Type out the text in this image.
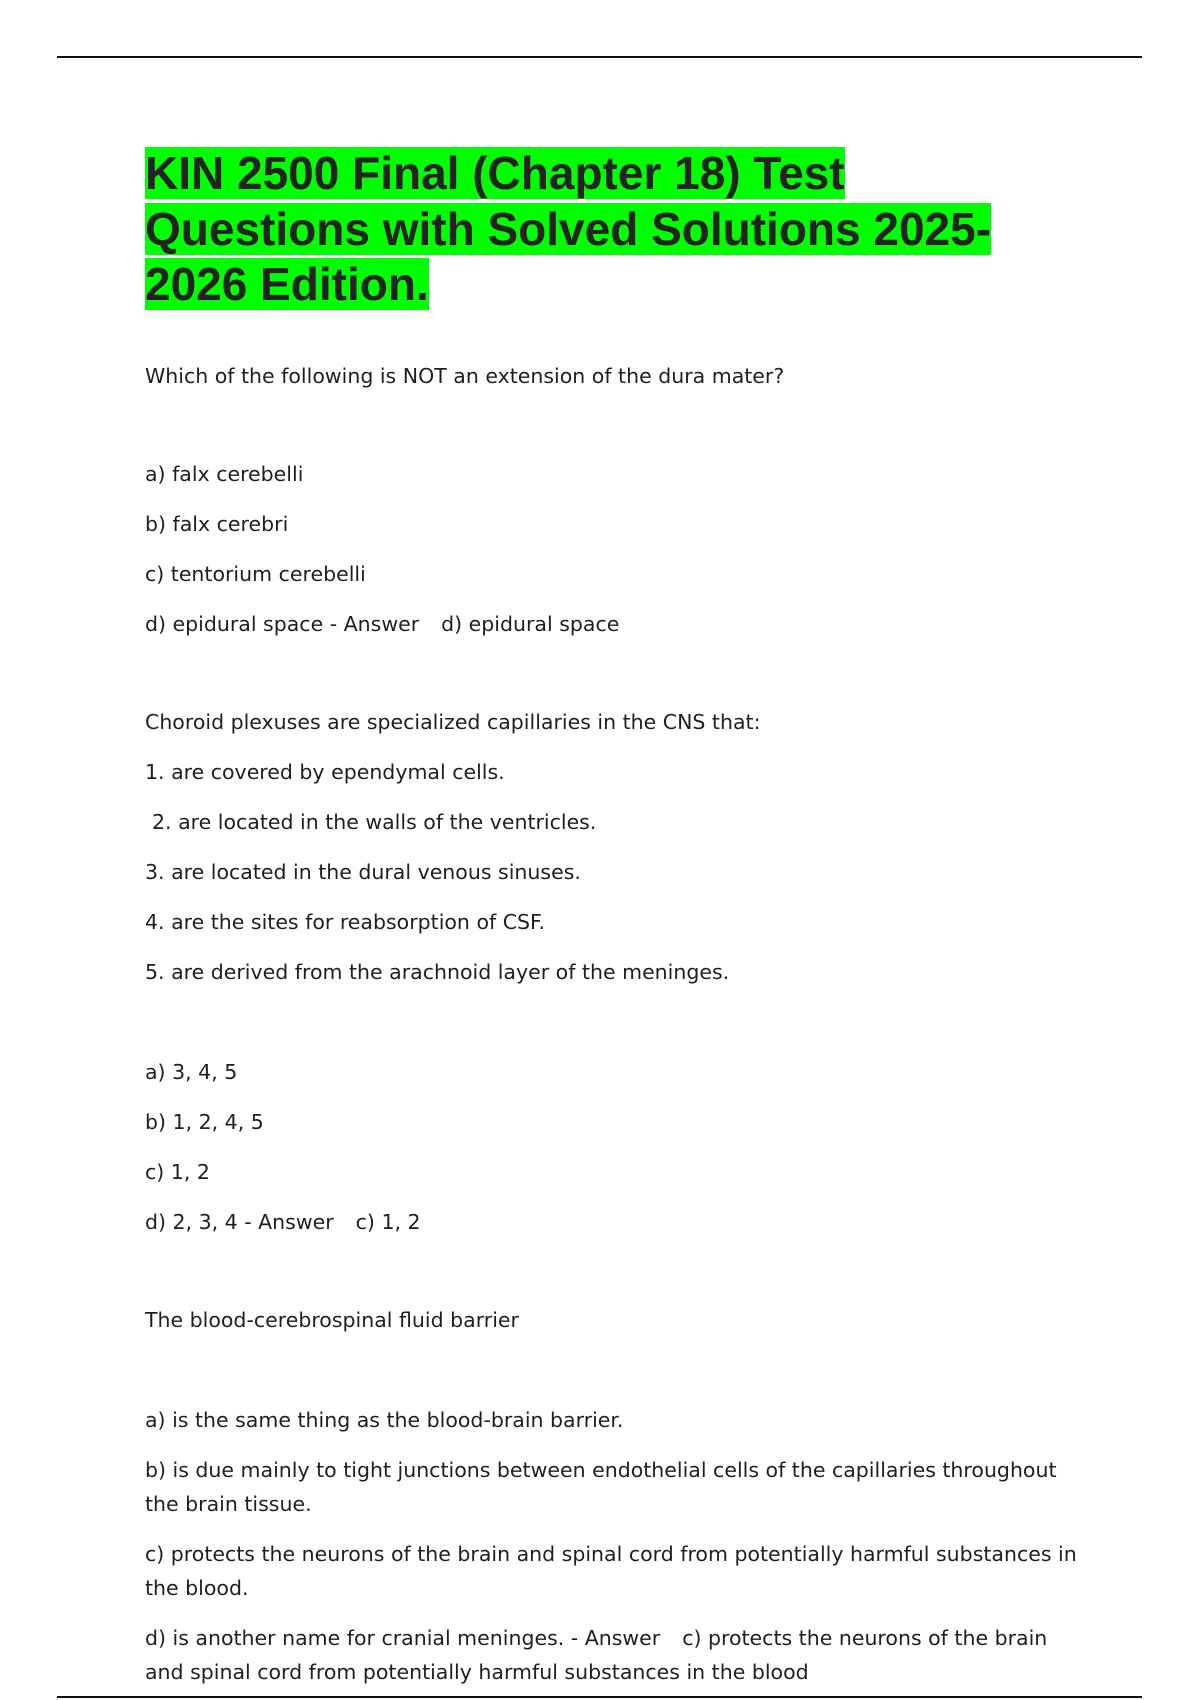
KIN 2500 Final (Chapter 18) Test Questions with Solved Solutions 2025-2026 Edition.

Which of the following is NOT an extension of the dura mater?

a) falx cerebelli

b) falx cerebri

c) tentorium cerebelli

d) epidural space - Answer d) epidural space

Choroid plexuses are specialized capillaries in the CNS that:

1. are covered by ependymal cells.

2. are located in the walls of the ventricles.

3. are located in the dural venous sinuses.

4. are the sites for reabsorption of CSF.

5. are derived from the arachnoid layer of the meninges.

a) 3, 4, 5

b) 1, 2, 4, 5

c) 1, 2

d) 2, 3, 4 - Answer c) 1, 2

The blood-cerebrospinal fluid barrier

a) is the same thing as the blood-brain barrier.

b) is due mainly to tight junctions between endothelial cells of the capillaries throughout the brain tissue.

c) protects the neurons of the brain and spinal cord from potentially harmful substances in the blood.

d) is another name for cranial meninges. - Answer c) protects the neurons of the brain and spinal cord from potentially harmful substances in the blood
